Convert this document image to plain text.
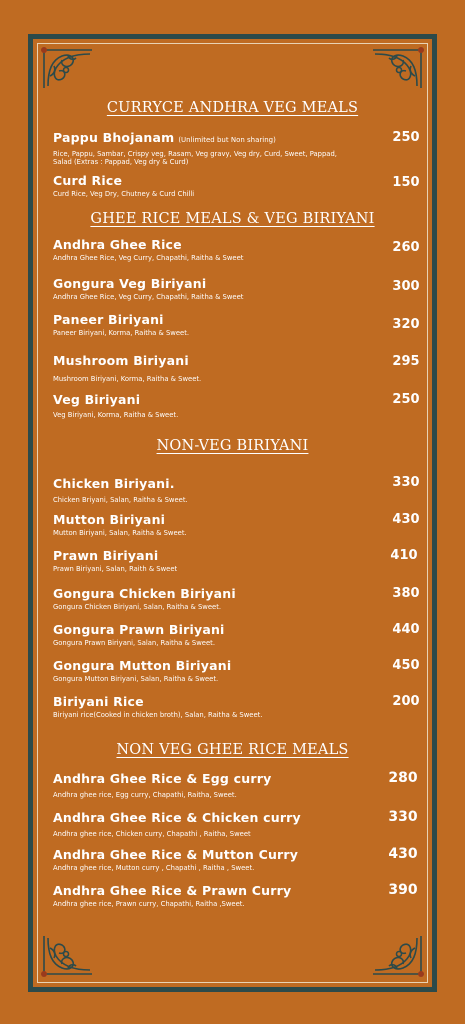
CURRYCE ANDHRA VEG MEALS
Pappu Bhojanam (Unlimited but Non sharing)
Rice, Pappu, Sambar, Crispy veg, Rasam, Veg gravy, Veg dry, Curd, Sweet, Pappad, Salad (Extras : Pappad, Veg dry & Curd)
250
Curd Rice
Curd Rice, Veg Dry, Chutney & Curd Chilli
150
GHEE RICE MEALS & VEG BIRIYANI
Andhra Ghee Rice
Andhra Ghee Rice, Veg Curry, Chapathi, Raitha & Sweet
260
Gongura Veg Biriyani
Andhra Ghee Rice, Veg Curry, Chapathi, Raitha & Sweet
300
Paneer Biriyani
Paneer Biriyani, Korma, Raitha & Sweet.
320
Mushroom Biriyani
Mushroom Biriyani, Korma, Raitha & Sweet.
295
Veg Biriyani
Veg Biriyani, Korma, Raitha & Sweet.
250
NON-VEG BIRIYANI
Chicken Biriyani.
Chicken Briyani, Salan, Raitha & Sweet.
330
Mutton Biriyani
Mutton Biriyani, Salan, Raitha & Sweet.
430
Prawn Biriyani
Prawn Biriyani, Salan, Raith & Sweet
410
Gongura Chicken Biriyani
Gongura Chicken Biriyani, Salan, Raitha & Sweet.
380
Gongura Prawn Biriyani
Gongura Prawn Biriyani, Salan, Raitha & Sweet.
440
Gongura Mutton Biriyani
Gongura Mutton Biriyani, Salan, Raitha & Sweet.
450
Biriyani Rice
Biriyani rice(Cooked in chicken broth), Salan, Raitha & Sweet.
200
NON VEG GHEE RICE MEALS
Andhra Ghee Rice & Egg curry
Andhra ghee rice, Egg curry, Chapathi, Raitha, Sweet.
280
Andhra Ghee Rice & Chicken curry
Andhra ghee rice, Chicken curry, Chapathi , Raitha, Sweet
330
Andhra Ghee Rice & Mutton Curry
Andhra ghee rice, Mutton curry , Chapathi , Raitha , Sweet.
430
Andhra Ghee Rice & Prawn Curry
Andhra ghee rice, Prawn curry, Chapathi, Raitha ,Sweet.
390
